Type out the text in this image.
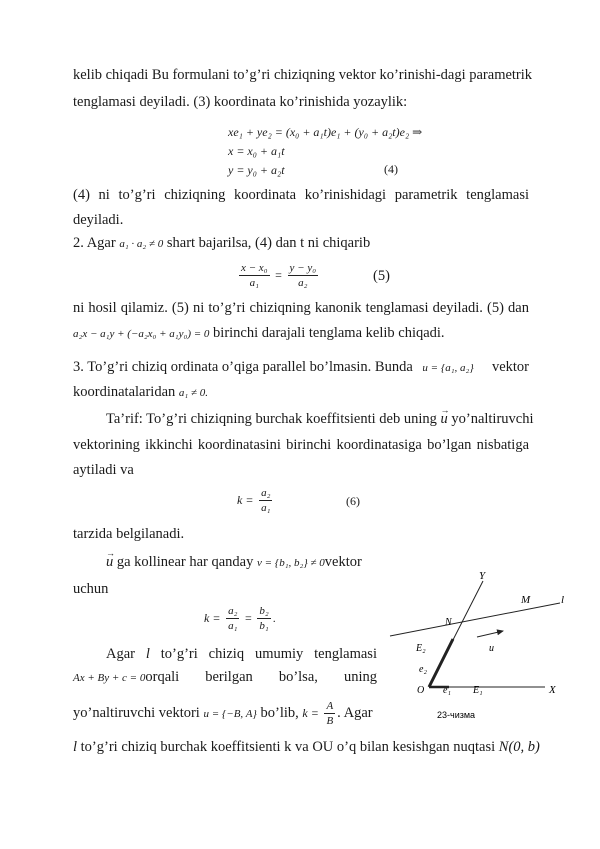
kelib chiqadi Bu formulani to’g’ri chiziqning vektor ko’rinishi-dagi parametrik
tenglamasi deyiladi. (3) koordinata ko’rinishida yozaylik:
xe₁ + ye₂ = (x₀ + a₁t)e₁ + (y₀ + a₂t)e₂ ⇒
x = x₀ + a₁t
y = y₀ + a₂t	(4)
(4) ni to’g’ri chiziqning koordinata ko’rinishidagi parametrik tenglamasi
deyiladi.
2. Agar a₁ · a₂ ≠ 0 shart bajarilsa, (4) dan t ni chiqarib
$\frac{\text{x − x₀}}{\text{a₁}} = \frac{\text{y − y₀}}{\text{a₂}}$	(5)
ni hosil qilamiz. (5) ni to’g’ri chiziqning kanonik tenglamasi deyiladi. (5) dan
a₂x − a₁y + (−a₂x₀ + a₁y₀) = 0 birinchi darajali tenglama kelib chiqadi.
3. To’g’ri chiziq ordinata o’qiga parallel bo’lmasin. Bunda u = {a₁, a₂} vektor
koordinatalaridan a₁ ≠ 0.
Ta’rif: To’g’ri chiziqning burchak koeffitsienti deb uning → u yo’naltiruvchi
vektorining ikkinchi koordinatasini birinchi koordinatasiga bo’lgan nisbatiga
aytiladi va
$k = \frac{\text{a₂}}{\text{a₁}}$	(6)
tarzida belgilanadi.
→ u ga kollinear har qanday v = {b₁, b₂} ≠ 0vektor
uchun
$k = \frac{\text{a₂}}{\text{a₁}} = \frac{\text{b₂}}{\text{b₁}}$ .
Agar l to’g’ri chiziq umumiy tenglamasi
Ax + By + c = 0orqali berilgan bo’lsa, uning
yo’naltiruvchi vektori u = {−B, A} bo’lib, $k = \frac{A}{B}$ . Agar
l to’g’ri chiziq burchak koeffitsienti k va OU o’q bilan kesishgan nuqtasi N(0, b)
Y
M	l
N
u
E₂
e₂
O e₁ E₁	X
23-чизма
